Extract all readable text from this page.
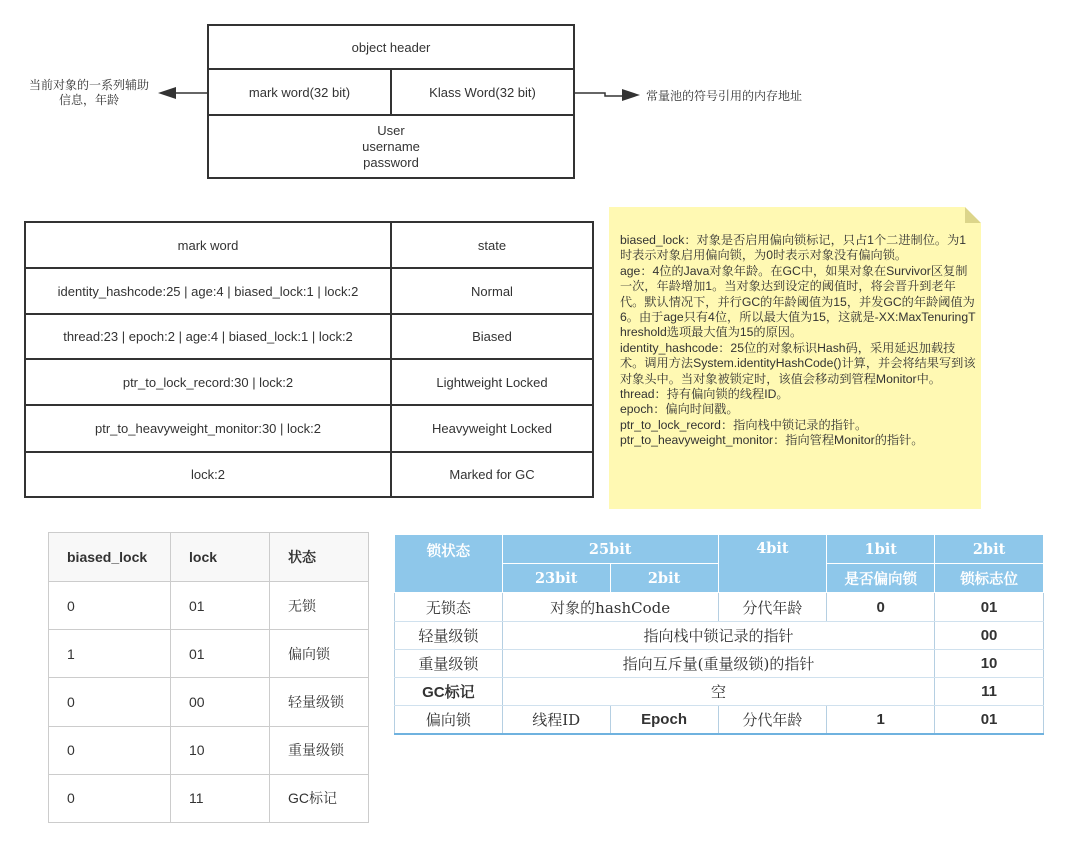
object header
mark word(32 bit)	Klass Word(32 bit)
User
username
password
当前对象的一系列辅助信息，年龄	常量池的符号引用的内存地址
mark word	state
identity_hashcode:25 | age:4 | biased_lock:1 | lock:2	Normal
thread:23 | epoch:2 | age:4 | biased_lock:1 | lock:2	Biased
ptr_to_lock_record:30 | lock:2	Lightweight Locked
ptr_to_heavyweight_monitor:30 | lock:2	Heavyweight Locked
lock:2	Marked for GC
biased_lock：对象是否启用偏向锁标记，只占1个二进制位。为1时表示对象启用偏向锁，为0时表示对象没有偏向锁。
age：4位的Java对象年龄。在GC中，如果对象在Survivor区复制一次，年龄增加1。当对象达到设定的阈值时，将会晋升到老年代。默认情况下，并行GC的年龄阈值为15，并发GC的年龄阈值为6。由于age只有4位，所以最大值为15，这就是-XX:MaxTenuringThreshold选项最大值为15的原因。
identity_hashcode：25位的对象标识Hash码，采用延迟加载技术。调用方法System.identityHashCode()计算，并会将结果写到该对象头中。当对象被锁定时，该值会移动到管程Monitor中。
thread：持有偏向锁的线程ID。
epoch：偏向时间戳。
ptr_to_lock_record：指向栈中锁记录的指针。
ptr_to_heavyweight_monitor：指向管程Monitor的指针。
biased_lock	lock	状态
0	01	无锁
1	01	偏向锁
0	00	轻量级锁
0	10	重量级锁
0	11	GC标记
锁状态	25bit		4bit	1bit	2bit
	23bit	2bit		是否偏向锁	锁标志位
无锁态	对象的hashCode		分代年龄	0	01
轻量级锁	指向栈中锁记录的指针				00
重量级锁	指向互斥量(重量级锁)的指针				10
GC标记	空				11
偏向锁	线程ID	Epoch	分代年龄	1	01
